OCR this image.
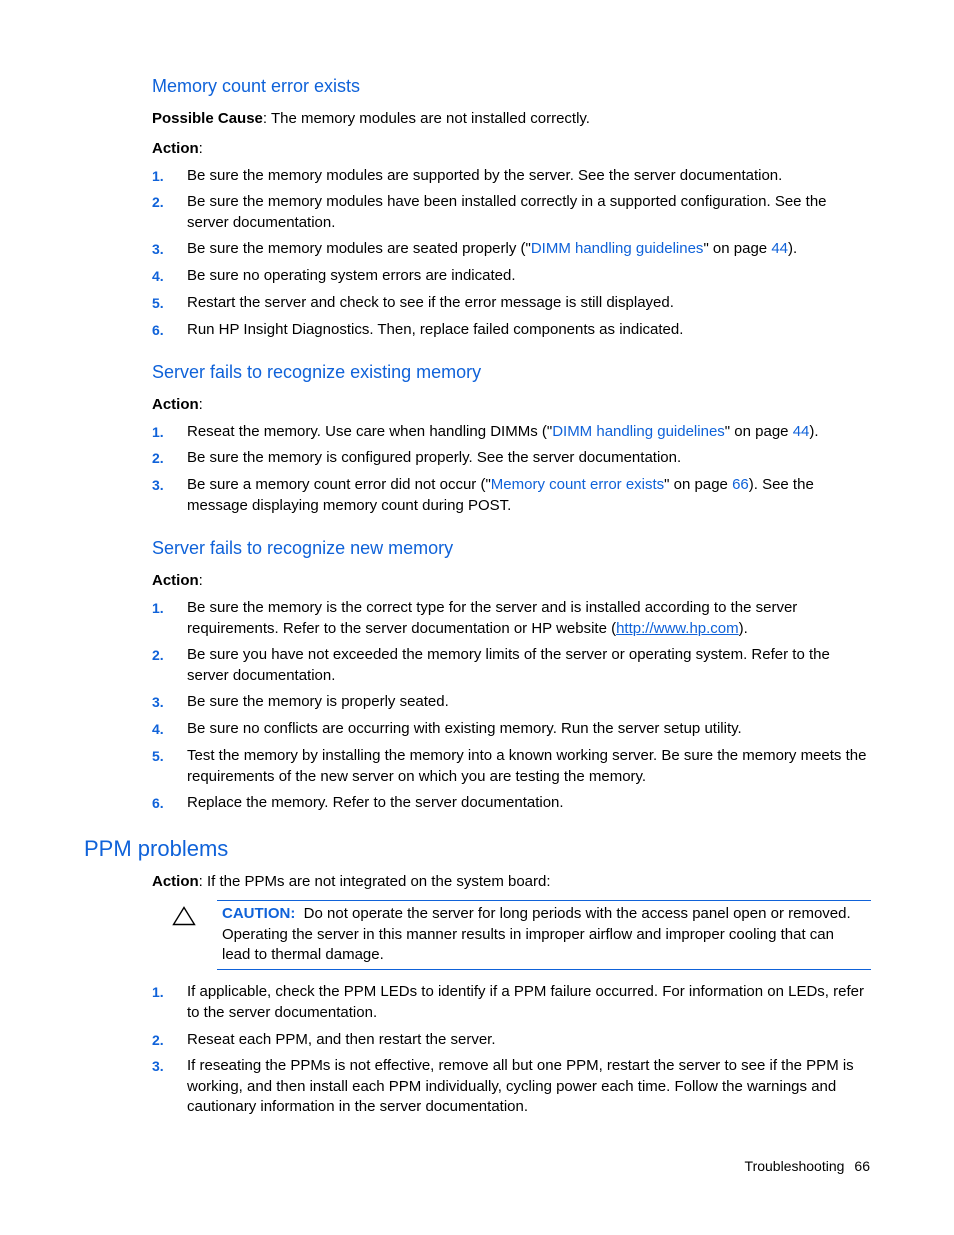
Memory count error exists

Possible Cause: The memory modules are not installed correctly.

Action:

1. Be sure the memory modules are supported by the server. See the server documentation.
2. Be sure the memory modules have been installed correctly in a supported configuration. See the server documentation.
3. Be sure the memory modules are seated properly ("DIMM handling guidelines" on page 44).
4. Be sure no operating system errors are indicated.
5. Restart the server and check to see if the error message is still displayed.
6. Run HP Insight Diagnostics. Then, replace failed components as indicated.
Server fails to recognize existing memory

Action:

1. Reseat the memory. Use care when handling DIMMs ("DIMM handling guidelines" on page 44).
2. Be sure the memory is configured properly. See the server documentation.
3. Be sure a memory count error did not occur ("Memory count error exists" on page 66). See the message displaying memory count during POST.
Server fails to recognize new memory

Action:

1. Be sure the memory is the correct type for the server and is installed according to the server requirements. Refer to the server documentation or HP website (http://www.hp.com).
2. Be sure you have not exceeded the memory limits of the server or operating system. Refer to the server documentation.
3. Be sure the memory is properly seated.
4. Be sure no conflicts are occurring with existing memory. Run the server setup utility.
5. Test the memory by installing the memory into a known working server. Be sure the memory meets the requirements of the new server on which you are testing the memory.
6. Replace the memory. Refer to the server documentation.
PPM problems

Action: If the PPMs are not integrated on the system board:

CAUTION: Do not operate the server for long periods with the access panel open or removed. Operating the server in this manner results in improper airflow and improper cooling that can lead to thermal damage.
1. If applicable, check the PPM LEDs to identify if a PPM failure occurred. For information on LEDs, refer to the server documentation.
2. Reseat each PPM, and then restart the server.
3. If reseating the PPMs is not effective, remove all but one PPM, restart the server to see if the PPM is working, and then install each PPM individually, cycling power each time. Follow the warnings and cautionary information in the server documentation.
Troubleshooting 66
